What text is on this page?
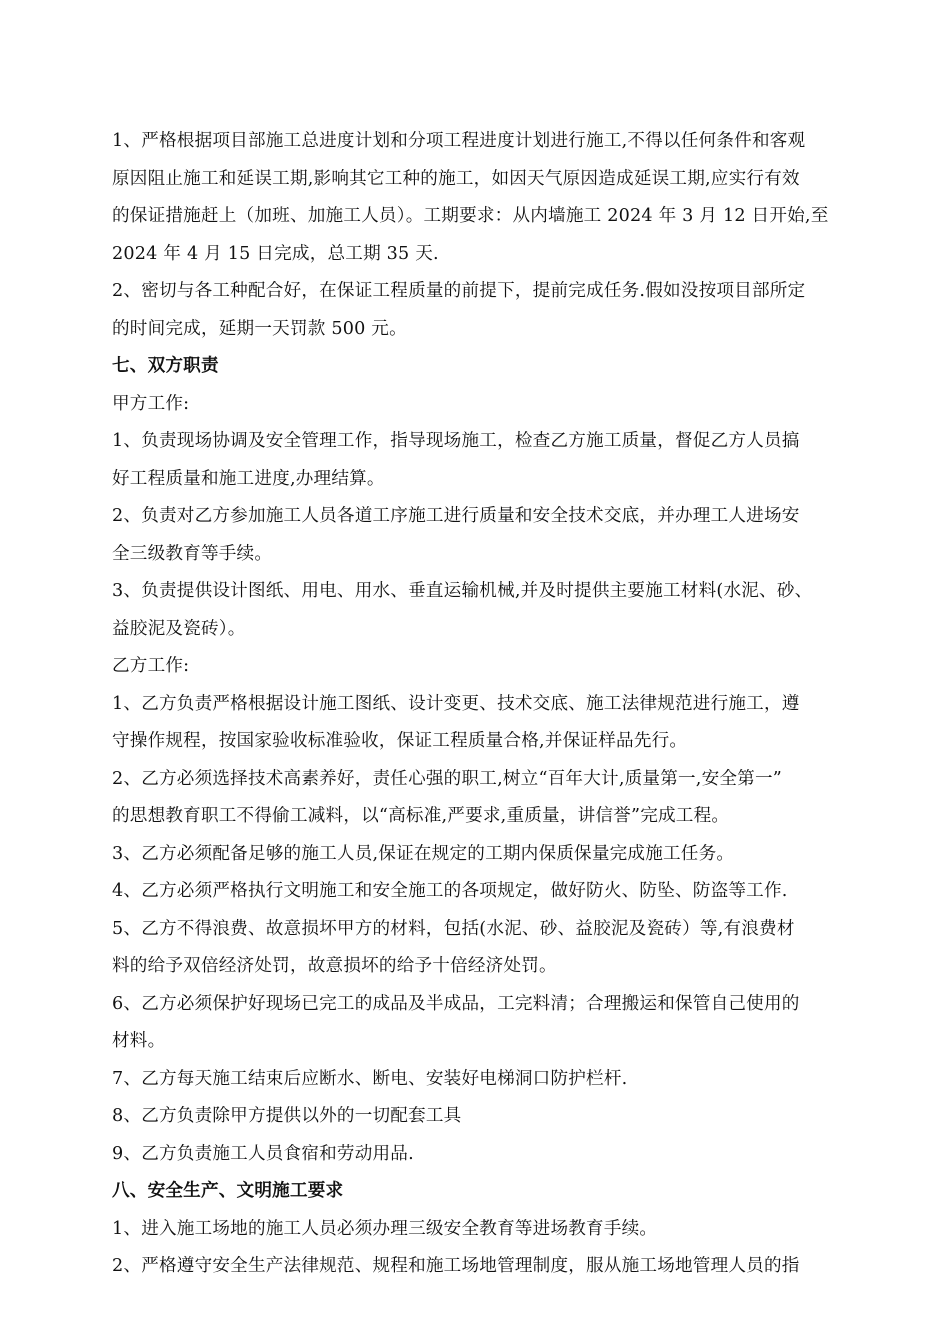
1、严格根据项目部施工总进度计划和分项工程进度计划进行施工,不得以任何条件和客观
原因阻止施工和延误工期,影响其它工种的施工，如因天气原因造成延误工期,应实行有效
的保证措施赶上（加班、加施工人员）。工期要求：从内墙施工 2024 年 3 月 12 日开始,至
2024 年 4 月 15 日完成，总工期 35 天.
2、密切与各工种配合好，在保证工程质量的前提下，提前完成任务.假如没按项目部所定
的时间完成，延期一天罚款 500 元。
七、双方职责
甲方工作:
1、负责现场协调及安全管理工作，指导现场施工，检查乙方施工质量，督促乙方人员搞
好工程质量和施工进度,办理结算。
2、负责对乙方参加施工人员各道工序施工进行质量和安全技术交底，并办理工人进场安
全三级教育等手续。
3、负责提供设计图纸、用电、用水、垂直运输机械,并及时提供主要施工材料(水泥、砂、
益胶泥及瓷砖）。
乙方工作:
1、乙方负责严格根据设计施工图纸、设计变更、技术交底、施工法律规范进行施工，遵
守操作规程，按国家验收标准验收，保证工程质量合格,并保证样品先行。
2、乙方必须选择技术高素养好，责任心强的职工,树立“百年大计,质量第一,安全第一”
的思想教育职工不得偷工减料，以“高标准,严要求,重质量，讲信誉”完成工程。
3、乙方必须配备足够的施工人员,保证在规定的工期内保质保量完成施工任务。
4、乙方必须严格执行文明施工和安全施工的各项规定，做好防火、防坠、防盗等工作.
5、乙方不得浪费、故意损坏甲方的材料，包括(水泥、砂、益胶泥及瓷砖）等,有浪费材
料的给予双倍经济处罚，故意损坏的给予十倍经济处罚。
6、乙方必须保护好现场已完工的成品及半成品，工完料清；合理搬运和保管自己使用的
材料。
7、乙方每天施工结束后应断水、断电、安装好电梯洞口防护栏杆.
8、乙方负责除甲方提供以外的一切配套工具
9、乙方负责施工人员食宿和劳动用品.
八、安全生产、文明施工要求
1、进入施工场地的施工人员必须办理三级安全教育等进场教育手续。
2、严格遵守安全生产法律规范、规程和施工场地管理制度，服从施工场地管理人员的指
